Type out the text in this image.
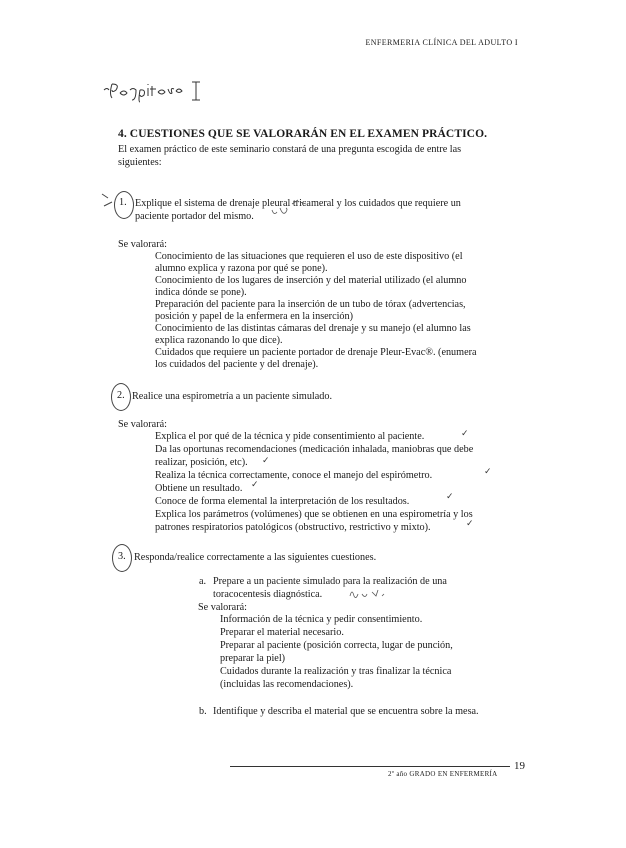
ENFERMERIA CLÍNICA DEL ADULTO I
4. CUESTIONES QUE SE VALORARÁN EN EL EXAMEN PRÁCTICO.
El examen práctico de este seminario constará de una pregunta escogida de entre las
siguientes:
1. Explique el sistema de drenaje pleural tricameral y los cuidados que requiere un
paciente portador del mismo.
Se valorará:
Conocimiento de las situaciones que requieren el uso de este dispositivo (el
alumno explica y razona por qué se pone).
Conocimiento de los lugares de inserción y del material utilizado (el alumno
indica dónde se pone).
Preparación del paciente para la inserción de un tubo de tórax (advertencias,
posición y papel de la enfermera en la inserción)
Conocimiento de las distintas cámaras del drenaje y su manejo (el alumno las
explica razonando lo que dice).
Cuidados que requiere un paciente portador de drenaje Pleur-Evac®. (enumera
los cuidados del paciente y del drenaje).
2. Realice una espirometría a un paciente simulado.
Se valorará:
Explica el por qué de la técnica y pide consentimiento al paciente.
Da las oportunas recomendaciones (medicación inhalada, maniobras que debe
realizar, posición, etc).
Realiza la técnica correctamente, conoce el manejo del espirómetro.
Obtiene un resultado.
Conoce de forma elemental la interpretación de los resultados.
Explica los parámetros (volúmenes) que se obtienen en una espirometría y los
patrones respiratorios patológicos (obstructivo, restrictivo y mixto).
✓
✓
✓
✓
✓
✓
3. Responda/realice correctamente a las siguientes cuestiones.
a. Prepare a un paciente simulado para la realización de una
toracocentesis diagnóstica.
Se valorará:
Información de la técnica y pedir consentimiento.
Preparar el material necesario.
Preparar al paciente (posición correcta, lugar de punción,
preparar la piel)
Cuidados durante la realización y tras finalizar la técnica
(incluidas las recomendaciones).
b. Identifique y describa el material que se encuentra sobre la mesa.
2º año GRADO EN ENFERMERÍA
19
